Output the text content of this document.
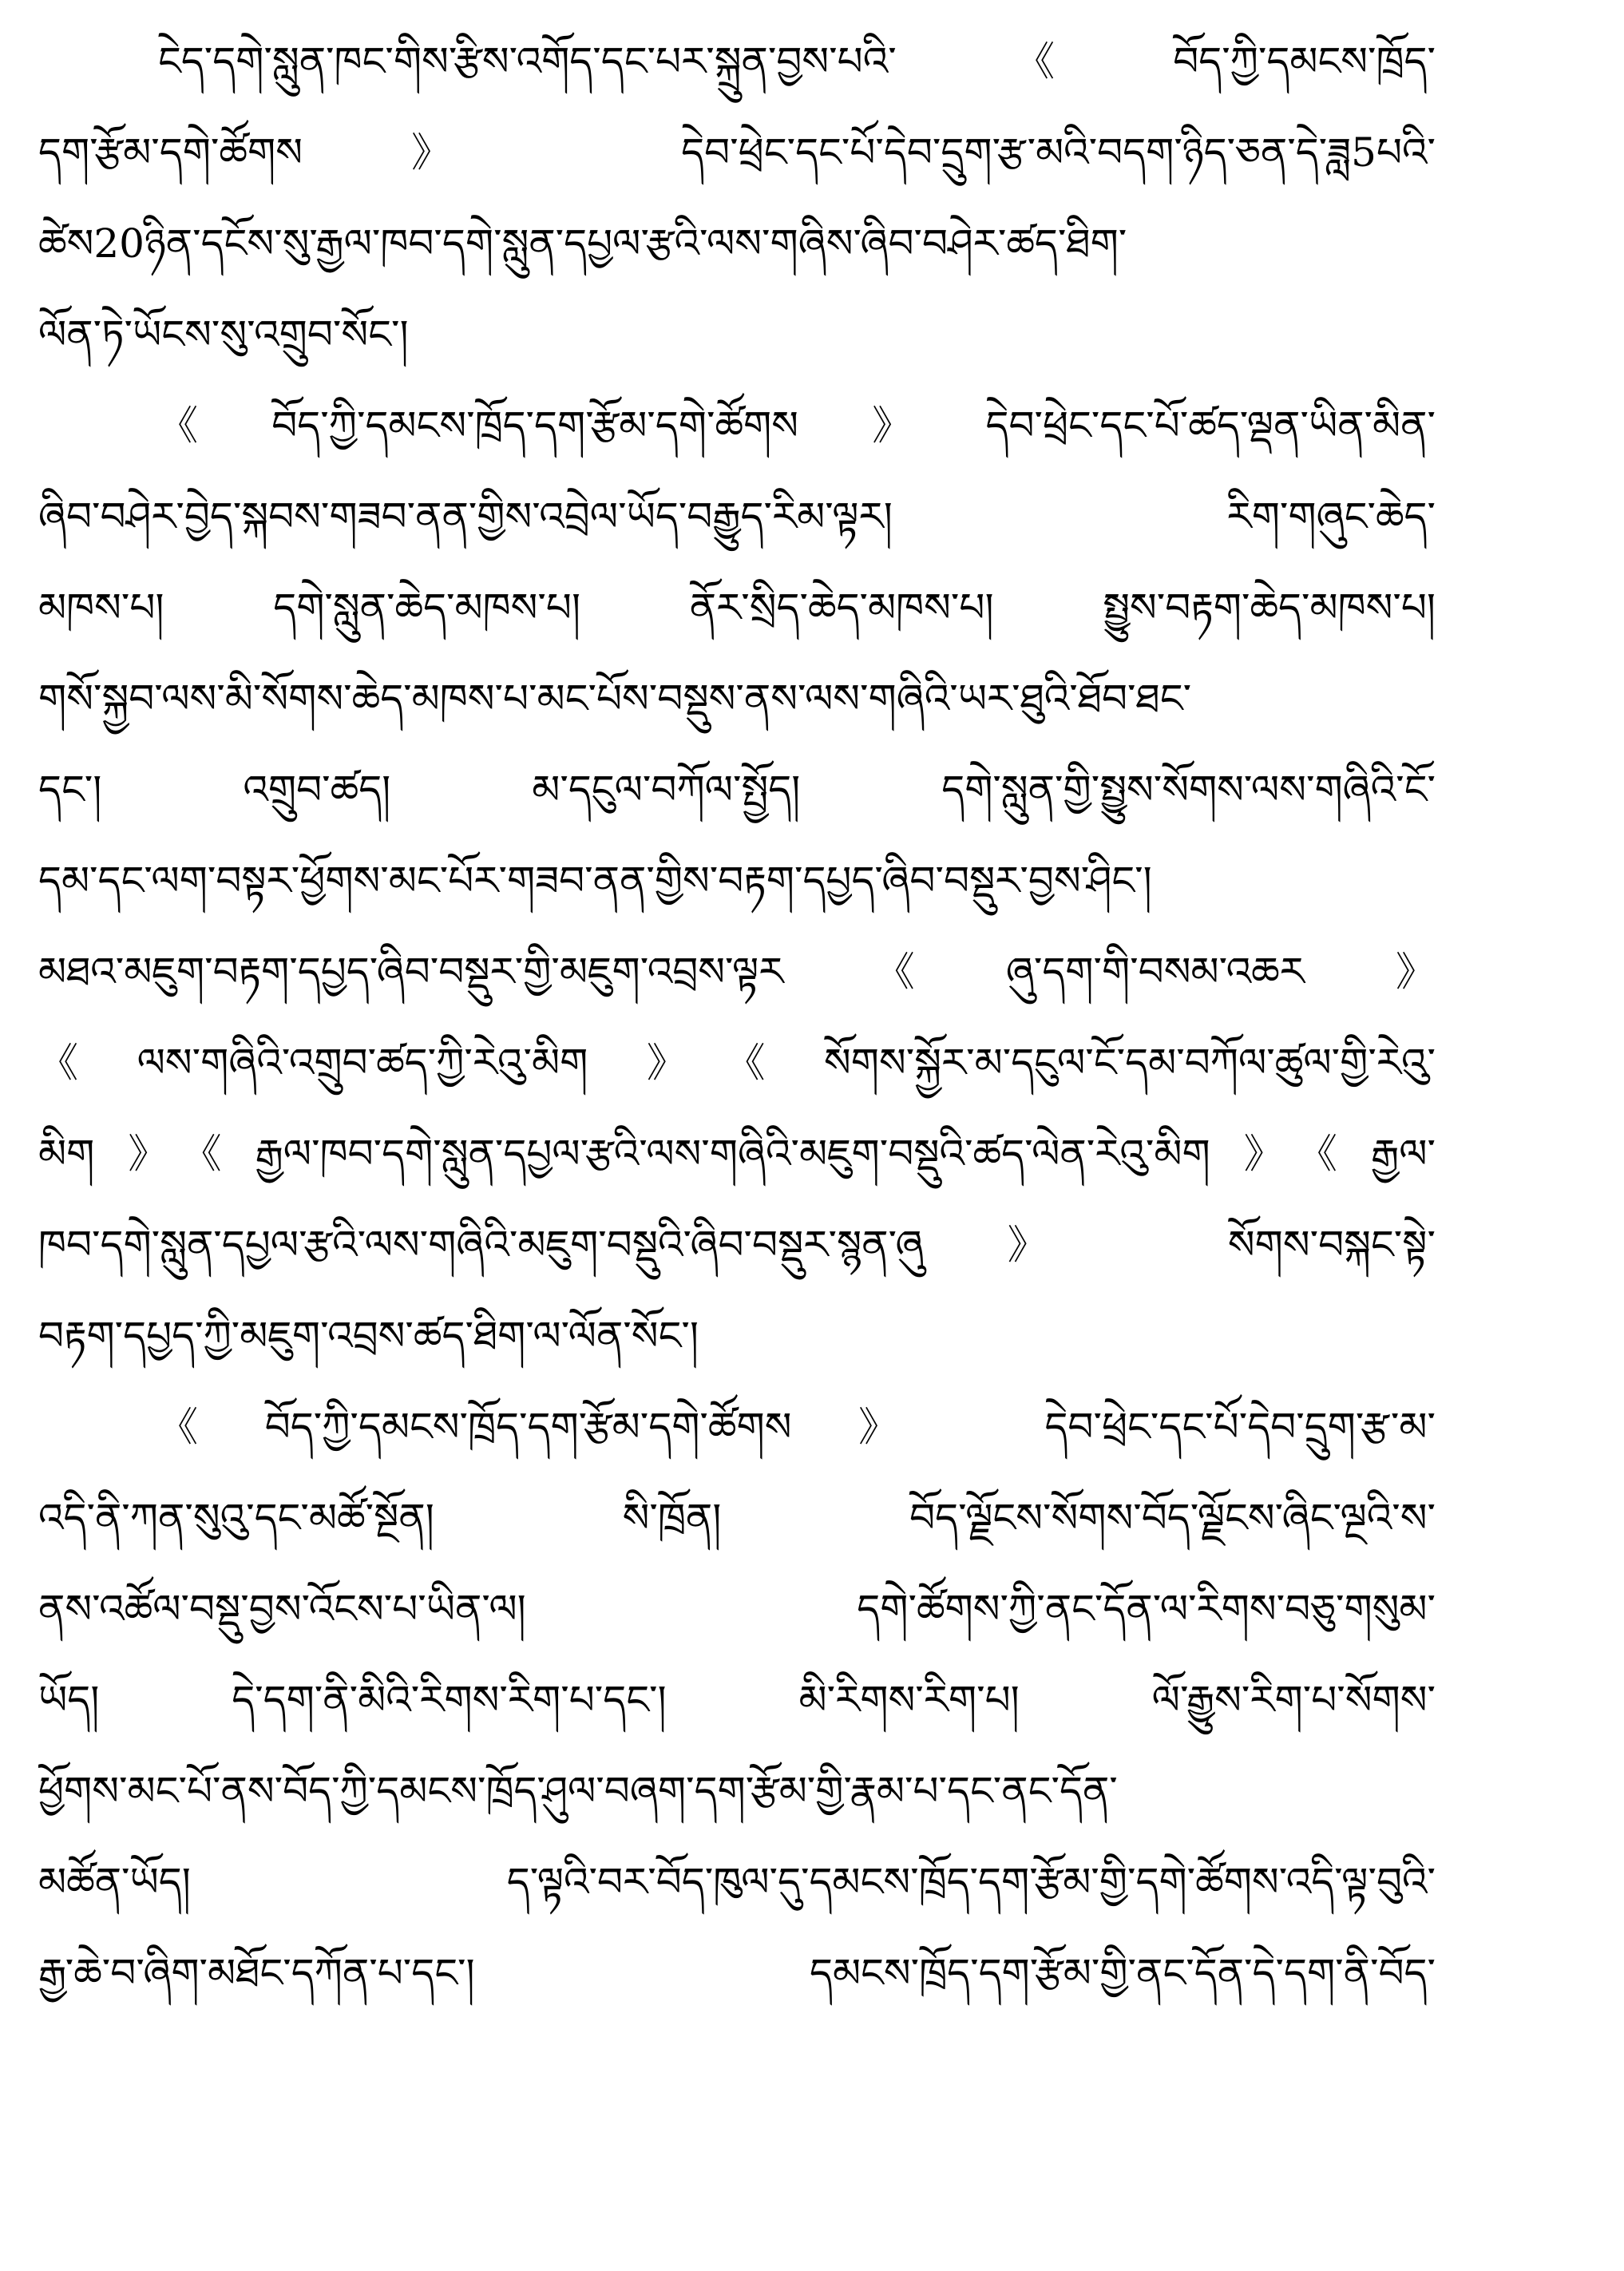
ངེད་དགེ་སླུན་ཁང་གིས་རྩིས་འགོད་དང་པར་སྐྲུན་བྱས་པའི་《བོད་ཀྱི་དམངས་ཁྲོད་
དག་རྩོམ་དགེ་ཚོགས》 དེབ་ཕྲེང་དང་པོ་དེབ་དྲུག་རྩ་མའི་བདག་ཉིད་ཅན་དེ་ཟླ5པའི་
ཚེས20ཉིན་དངོས་སུ་རྒྱལ་ཁབ་དགེ་སླུན་དཔྱལ་རྩའི་ལས་གཞིས་ཞིབ་བཤེར་ཚད་ཐིག་
ལོན་ཏེ་ཡོངས་སུ་འགྲུབ་སོང་།
《བོད་ཀྱི་དམངས་ཁྲོད་དག་རྩོམ་དགེ་ཚོགས》དེབ་ཕྲེང་དང་པོ་ཚད་ལྡན་ཡིན་མིན་
ཞིབ་བཤེར་བྱེད་སྐབས་གཟབ་ནན་གྱིས་འབྲེལ་ཡོད་བརྒྱུད་རིམ་ལྟར།　　རིག་གཞུང་ཆེད་
མཁས་པ། དགེ་སླུན་ཆེད་མཁས་པ། ནོར་སྲིད་ཆེད་མཁས་པ། སྤྱུས་བརྟག་ཆེད་མཁས་པ།
གསོ་སྐྱབ་ལས་མི་སོགས་ཆེད་མཁས་པ་མང་པོས་བསྡུས་ནས་ལས་གཞིའི་ཡར་ཐུའི་ཐོབ་ཐང་
དང་། འགྲུབ་ཚད། མ་དངུལ་བཀོལ་སྤྱོད། དགེ་སླུན་གྱི་སྤྱུས་སོགས་ལས་གཞིའི་ངོ་
དམ་དང་ལག་བསྟར་ཕྱོགས་མང་པོར་གཟབ་ནན་གྱིས་བརྟག་དཔྱད་ཞིབ་བསྡུར་བྱས་ཤིང་།
མཐའ་མཇུག་བརྟག་དཔྱད་ཞིབ་བསྡུར་གྱི་མཇུག་འབྲས་ལྟར《ཞུ་དག་གི་བསམ་འཆར》
《ལས་གཞིའི་འགྲུབ་ཚད་ཀྱི་རེའུ་མིག》《སོགས་སྐྱོར་མ་དངུལ་ངོ་དམ་བཀོལ་ཚུལ་གྱི་རེའུ་
མིག》《རྒྱལ་ཁབ་དགེ་སླུན་དཔྱལ་རྩའི་ལས་གཞིའི་མཇུག་བསྡུའི་ཚད་ལེན་རེའུ་མིག》《རྒྱལ་
ཁབ་དགེ་སླུན་དཔྱལ་རྩའི་ལས་གཞིའི་མཇུག་བསྡུའི་ཞིབ་བསྡུར་སྙན་ཞུ》 སོགས་བསྐང་སྟེ་
བརྟག་དཔྱད་ཀྱི་མཇུག་འབྲས་ཚད་ཐིག་ལ་ལོན་སོང་།
《བོད་ཀྱི་དམངས་ཁྲོད་དག་རྩོམ་དགེ་ཚོགས》 དེབ་ཕྲེང་དང་པོ་དེབ་དྲུག་རྩ་མ་
འདི་ནི་ཀན་སུའུ་དང་མཚོ་སྔོན། སི་ཁྲོན། བོད་ལྗོངས་སོགས་བོད་ལྗོངས་ཞིང་ལྔའི་ས་
ནས་འཚོལ་བསྡུ་བྱས་འོངས་པ་ཡིན་ལ།　　དགེ་ཚོགས་ཀྱི་ནང་དོན་ལ་རིགས་བཅུ་གསུམ་
ཡོད། དེ་དག་ནི་མིའི་རིགས་རིག་པ་དང་། མི་རིགས་རིག་པ། ལོ་རྒྱུས་རིག་པ་སོགས་
ཕྱོགས་མང་པོ་ནས་བོད་ཀྱི་དམངས་ཁྲོད་ཤུལ་བཞག་དག་རྩོམ་གྱི་རྣམ་པ་དང་ནང་དོན་
མཚོན་ཡོད། ད་ལྟའི་བར་བོད་ཁུལ་དུ་དམངས་ཁྲོད་དག་རྩོམ་གྱི་དགེ་ཚོགས་འདི་ལྟ་བུའི་
རྒྱ་ཆེ་བ་ཞིག་མཐོང་དཀོན་པ་དང་།　　དམངས་ཁྲོད་དག་རྩོམ་གྱི་ནང་དོན་དེ་དག་ནི་བོད་
